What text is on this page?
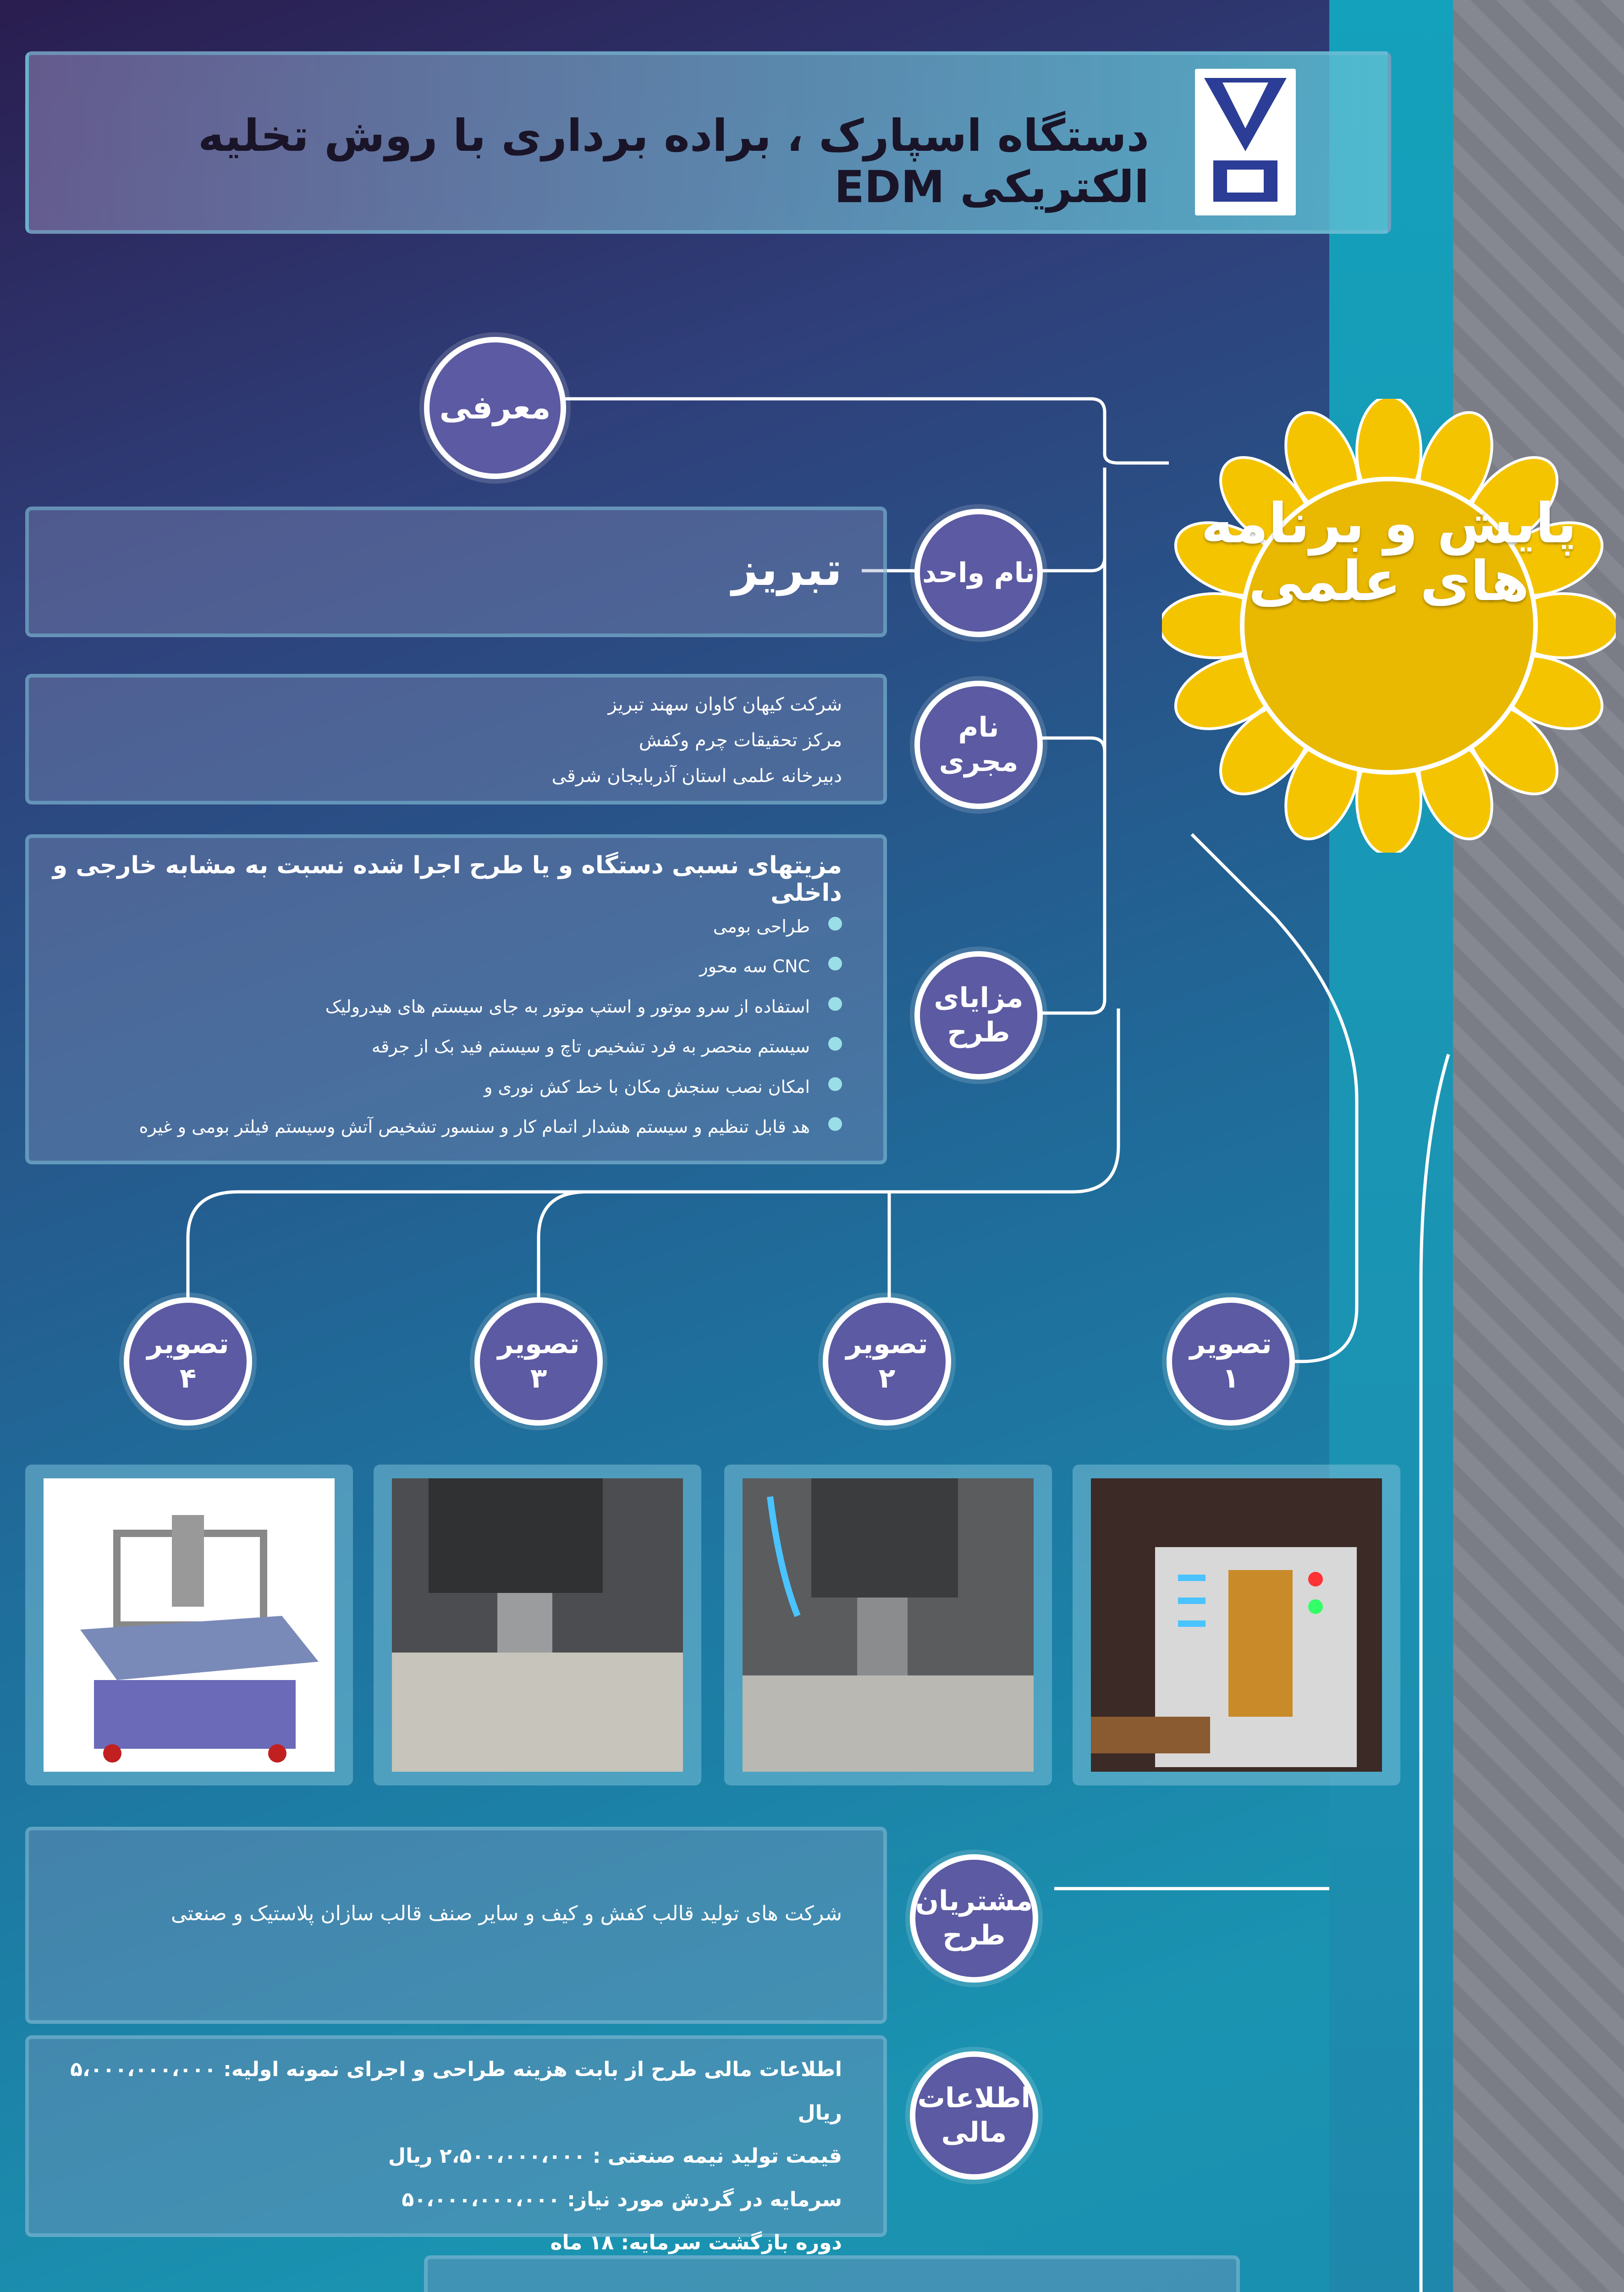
دستگاه اسپارک ، براده برداری با روش تخلیه الکتریکی EDM
پایش و برنامه های علمی
معرفی
تبریز	نام واحد
شرکت کیهان کاوان سهند تبریز
مرکز تحقیقات چرم وکفش
دبیرخانه علمی استان آذربایجان شرقی
نام مجری
مزیتهای نسبی دستگاه و یا طرح اجرا شده نسبت به مشابه خارجی و داخلی
طراحی بومی
CNC سه محور
استفاده از سرو موتور و استپ موتور به جای سیستم های هیدرولیک
سیستم منحصر به فرد تشخیص تاچ و سیستم فید بک از جرقه
امکان نصب سنجش مکان با خط کش نوری و
هد قابل تنظیم و سیستم هشدار اتمام کار و سنسور تشخیص آتش وسیستم فیلتر بومی و غیره
مزایای طرح
تصویر
۱
تصویر
۲
تصویر
۳
تصویر
۴
شرکت های تولید قالب کفش و کیف و سایر صنف قالب سازان پلاستیک و صنعتی	مشتریان طرح
اطلاعات مالی طرح از بابت هزینه طراحی و اجرای نمونه اولیه: ۵،۰۰۰،۰۰۰،۰۰۰ ریال
قیمت تولید نیمه صنعتی : ۲،۵۰۰،۰۰۰،۰۰۰ ریال
سرمایه در گردش مورد نیاز: ۵۰،۰۰۰،۰۰۰،۰۰۰
دوره بازگشت سرمایه: ۱۸ ماه
اطلاعات مالی
